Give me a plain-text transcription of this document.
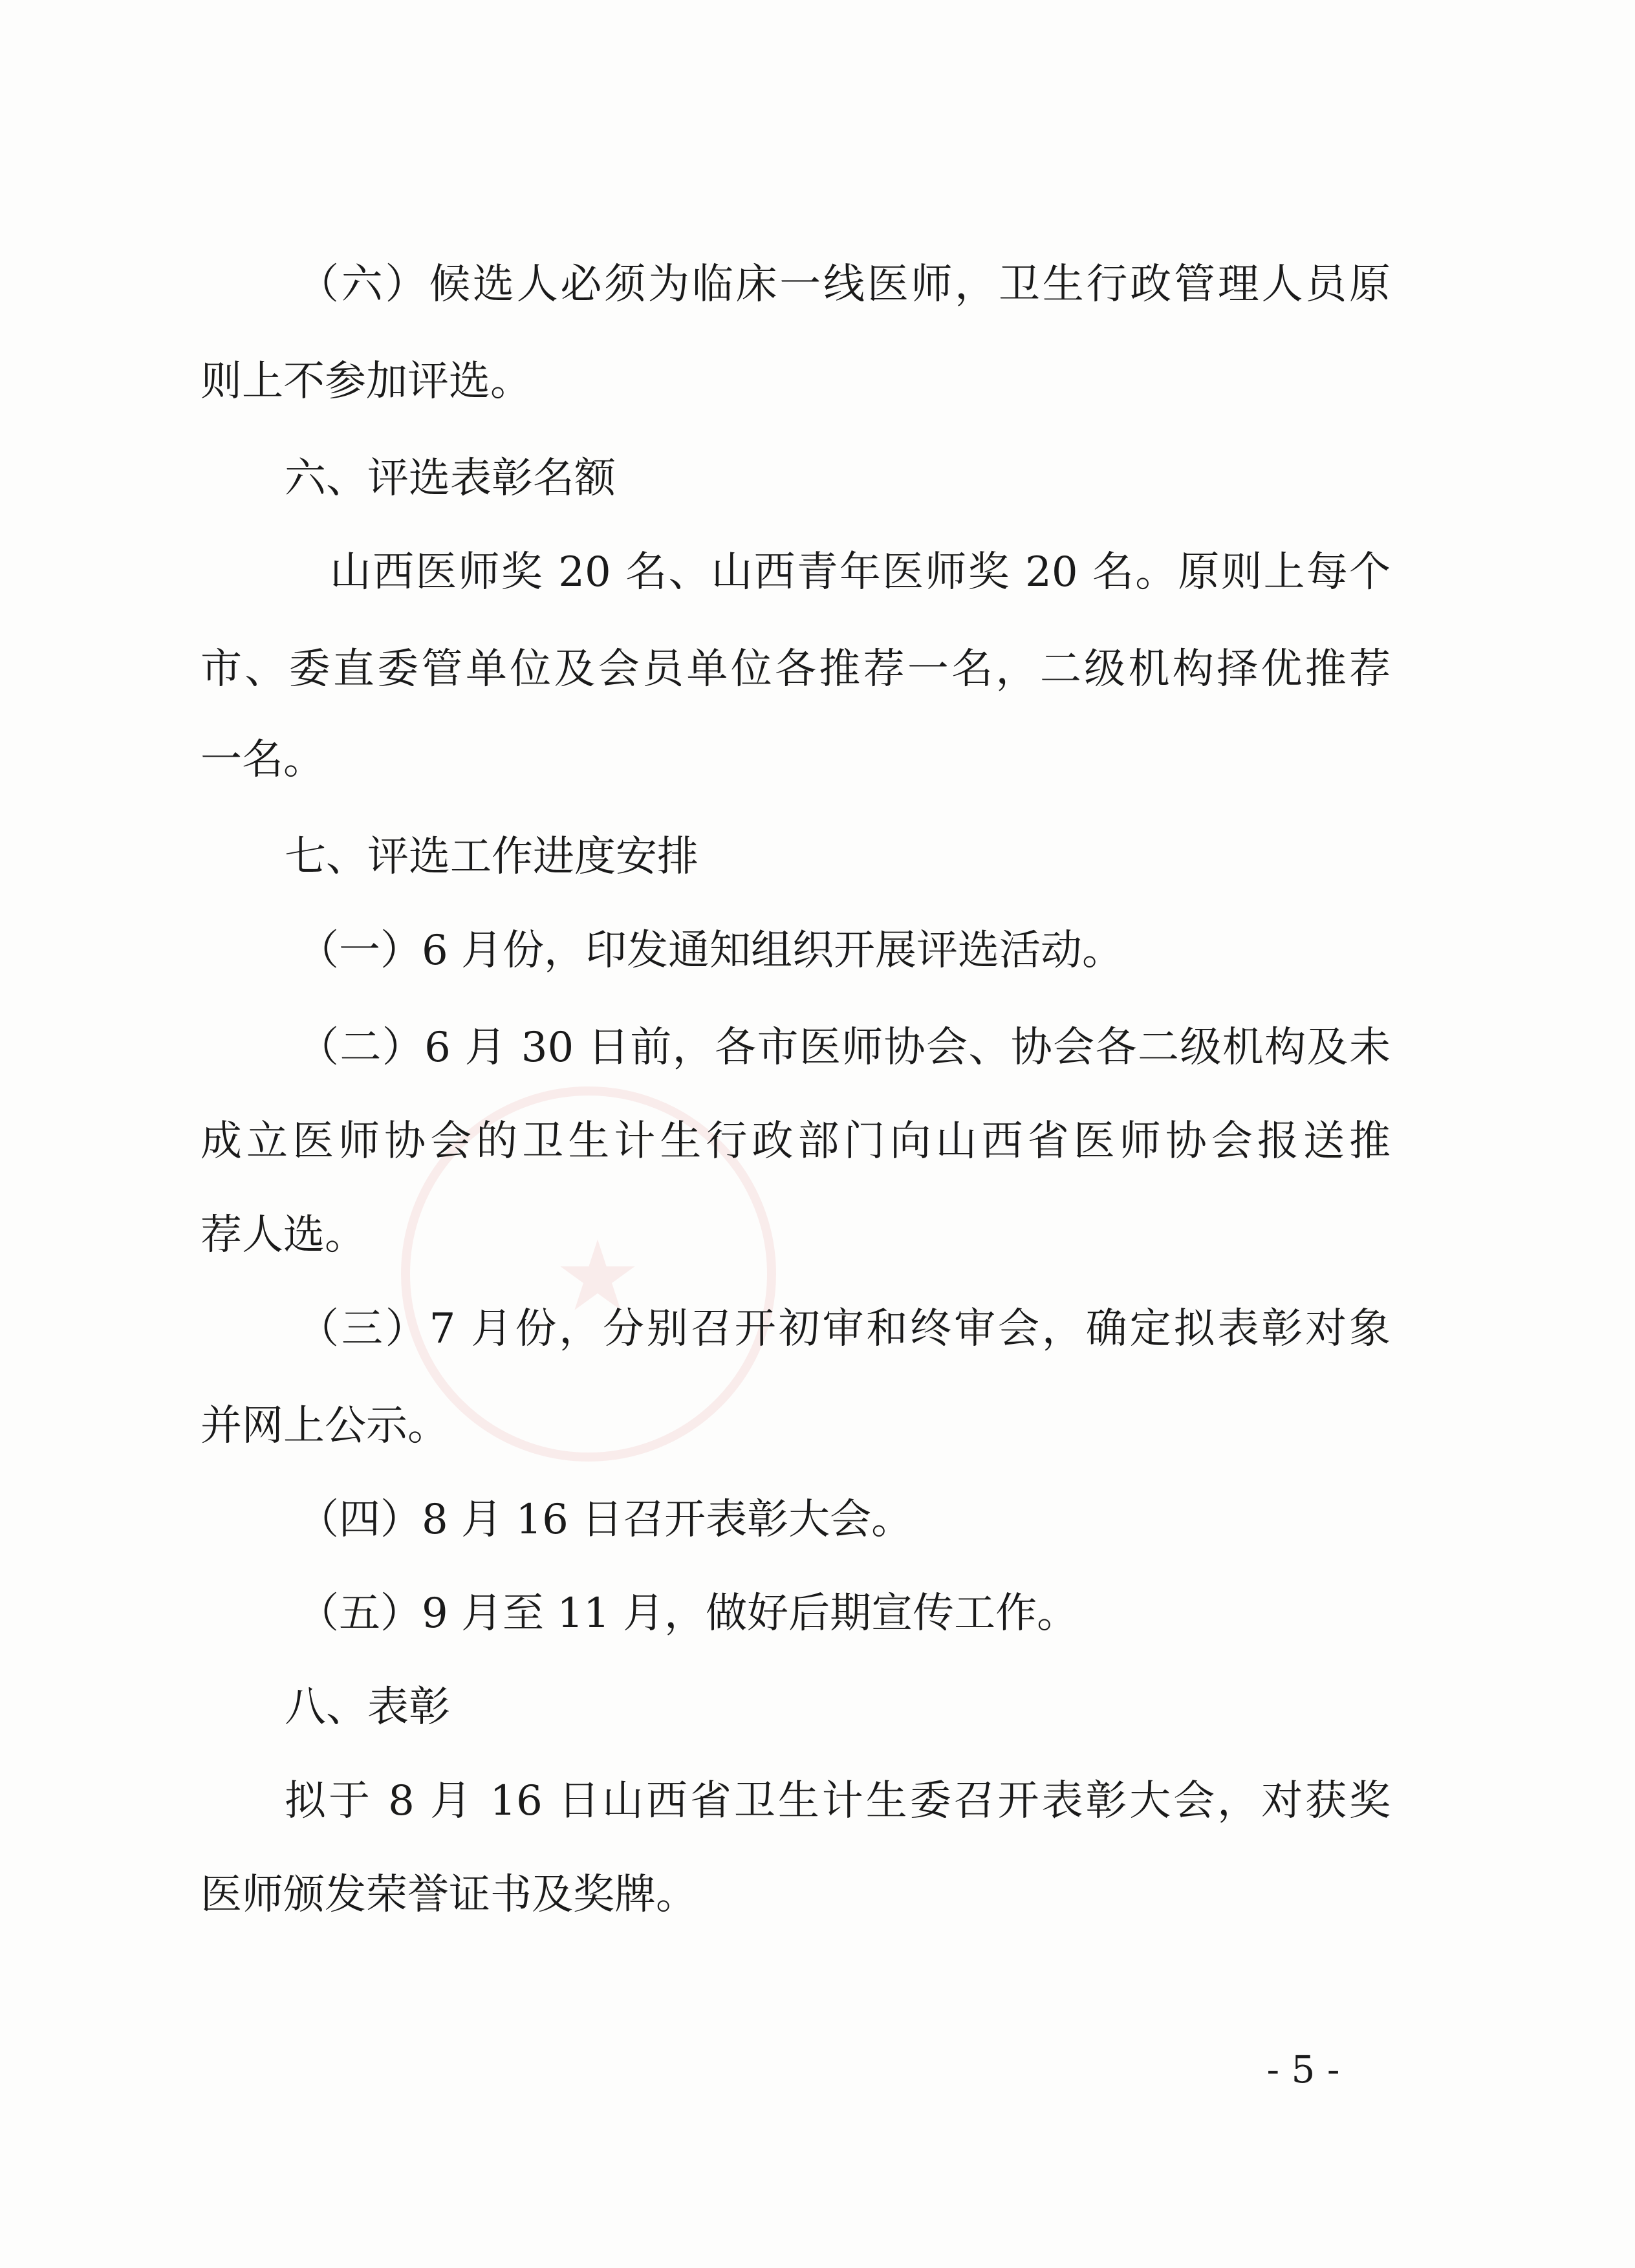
★
（六）候选人必须为临床一线医师，卫生行政管理人员原
则上不参加评选。
六、评选表彰名额
山西医师奖 20 名、山西青年医师奖 20 名。原则上每个
市、委直委管单位及会员单位各推荐一名，二级机构择优推荐
一名。
七、评选工作进度安排
（一）6 月份，印发通知组织开展评选活动。
（二）6 月 30 日前，各市医师协会、协会各二级机构及未
成立医师协会的卫生计生行政部门向山西省医师协会报送推
荐人选。
（三）7 月份，分别召开初审和终审会，确定拟表彰对象
并网上公示。
（四）8 月 16 日召开表彰大会。
（五）9 月至 11 月，做好后期宣传工作。
八、表彰
拟于 8 月 16 日山西省卫生计生委召开表彰大会，对获奖
医师颁发荣誉证书及奖牌。
- 5 -
